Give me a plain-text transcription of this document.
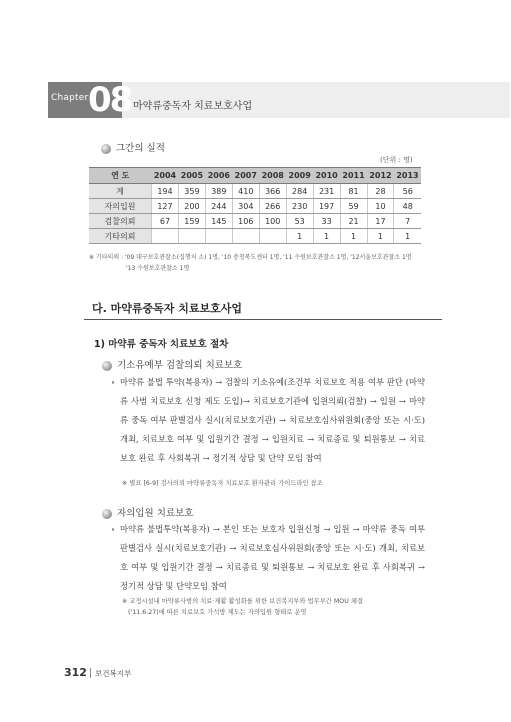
Chapter 08 마약류중독자 치료보호사업
그간의 실적
(단위 : 명)
연 도	2004	2005	2006	2007	2008	2009	2010	2011	2012	2013
계	194	359	389	410	366	284	231	81	28	56
자의입원	127	200	244	304	266	230	197	59	10	48
검찰의뢰	67	159	145	106	100	53	33	21	17	7
기타의뢰						1	1	1	1	1
※ 기타의뢰 : '09 대구보호관찰소(집행처 소) 1명, '10 충청북도센터 1명, '11 수원보호관찰소 1명, '12서울보호관찰소 1명
'13 수원보호관찰소 1명
다. 마약류중독자 치료보호사업
1) 마약류 중독자 치료보호 절차
기소유예부 검찰의뢰 치료보호
∘ 마약류 불법 투약(복용자) → 검찰의 기소유예(조건부 치료보호 적용 여부 판단 (마약류 사범 치료보호 신청 제도 도입)→ 치료보호기관에 입원의뢰(검찰) → 입원 → 마약류 중독 여부 판별검사 실시(치료보호기관) → 치료보호심사위원회(중앙 또는 시·도) 개최, 치료보호 여부 및 입원기간 결정 → 입원치료 → 치료종료 및 퇴원통보 → 치료보호 완료 후 사회복귀 → 정기적 상담 및 단약 모임 참여
※ 별표 [6-9] 검사의뢰 마약류중독자 치료보호 환자관리 가이드라인 참조
자의입원 치료보호
∘ 마약류 불법투약(복용자) → 본인 또는 보호자 입원신청 → 입원 → 마약류 중독 여부 판별검사 실시(치료보호기관) → 치료보호심사위원회(중앙 또는 시·도) 개최, 치료보호 여부 및 입원기간 결정 → 치료종료 및 퇴원통보 → 치료보호 완료 후 사회복귀 → 정기적 상담 및 단약모임 참여
※ 교정시설내 마약류사범의 치료·재활 활성화를 위한 보건복지부와 법무부간 MOU 체결
('11.6.27)에 따른 치료보호 가석방 제도는 자의입원 형태로 운영
312 보건복지부
